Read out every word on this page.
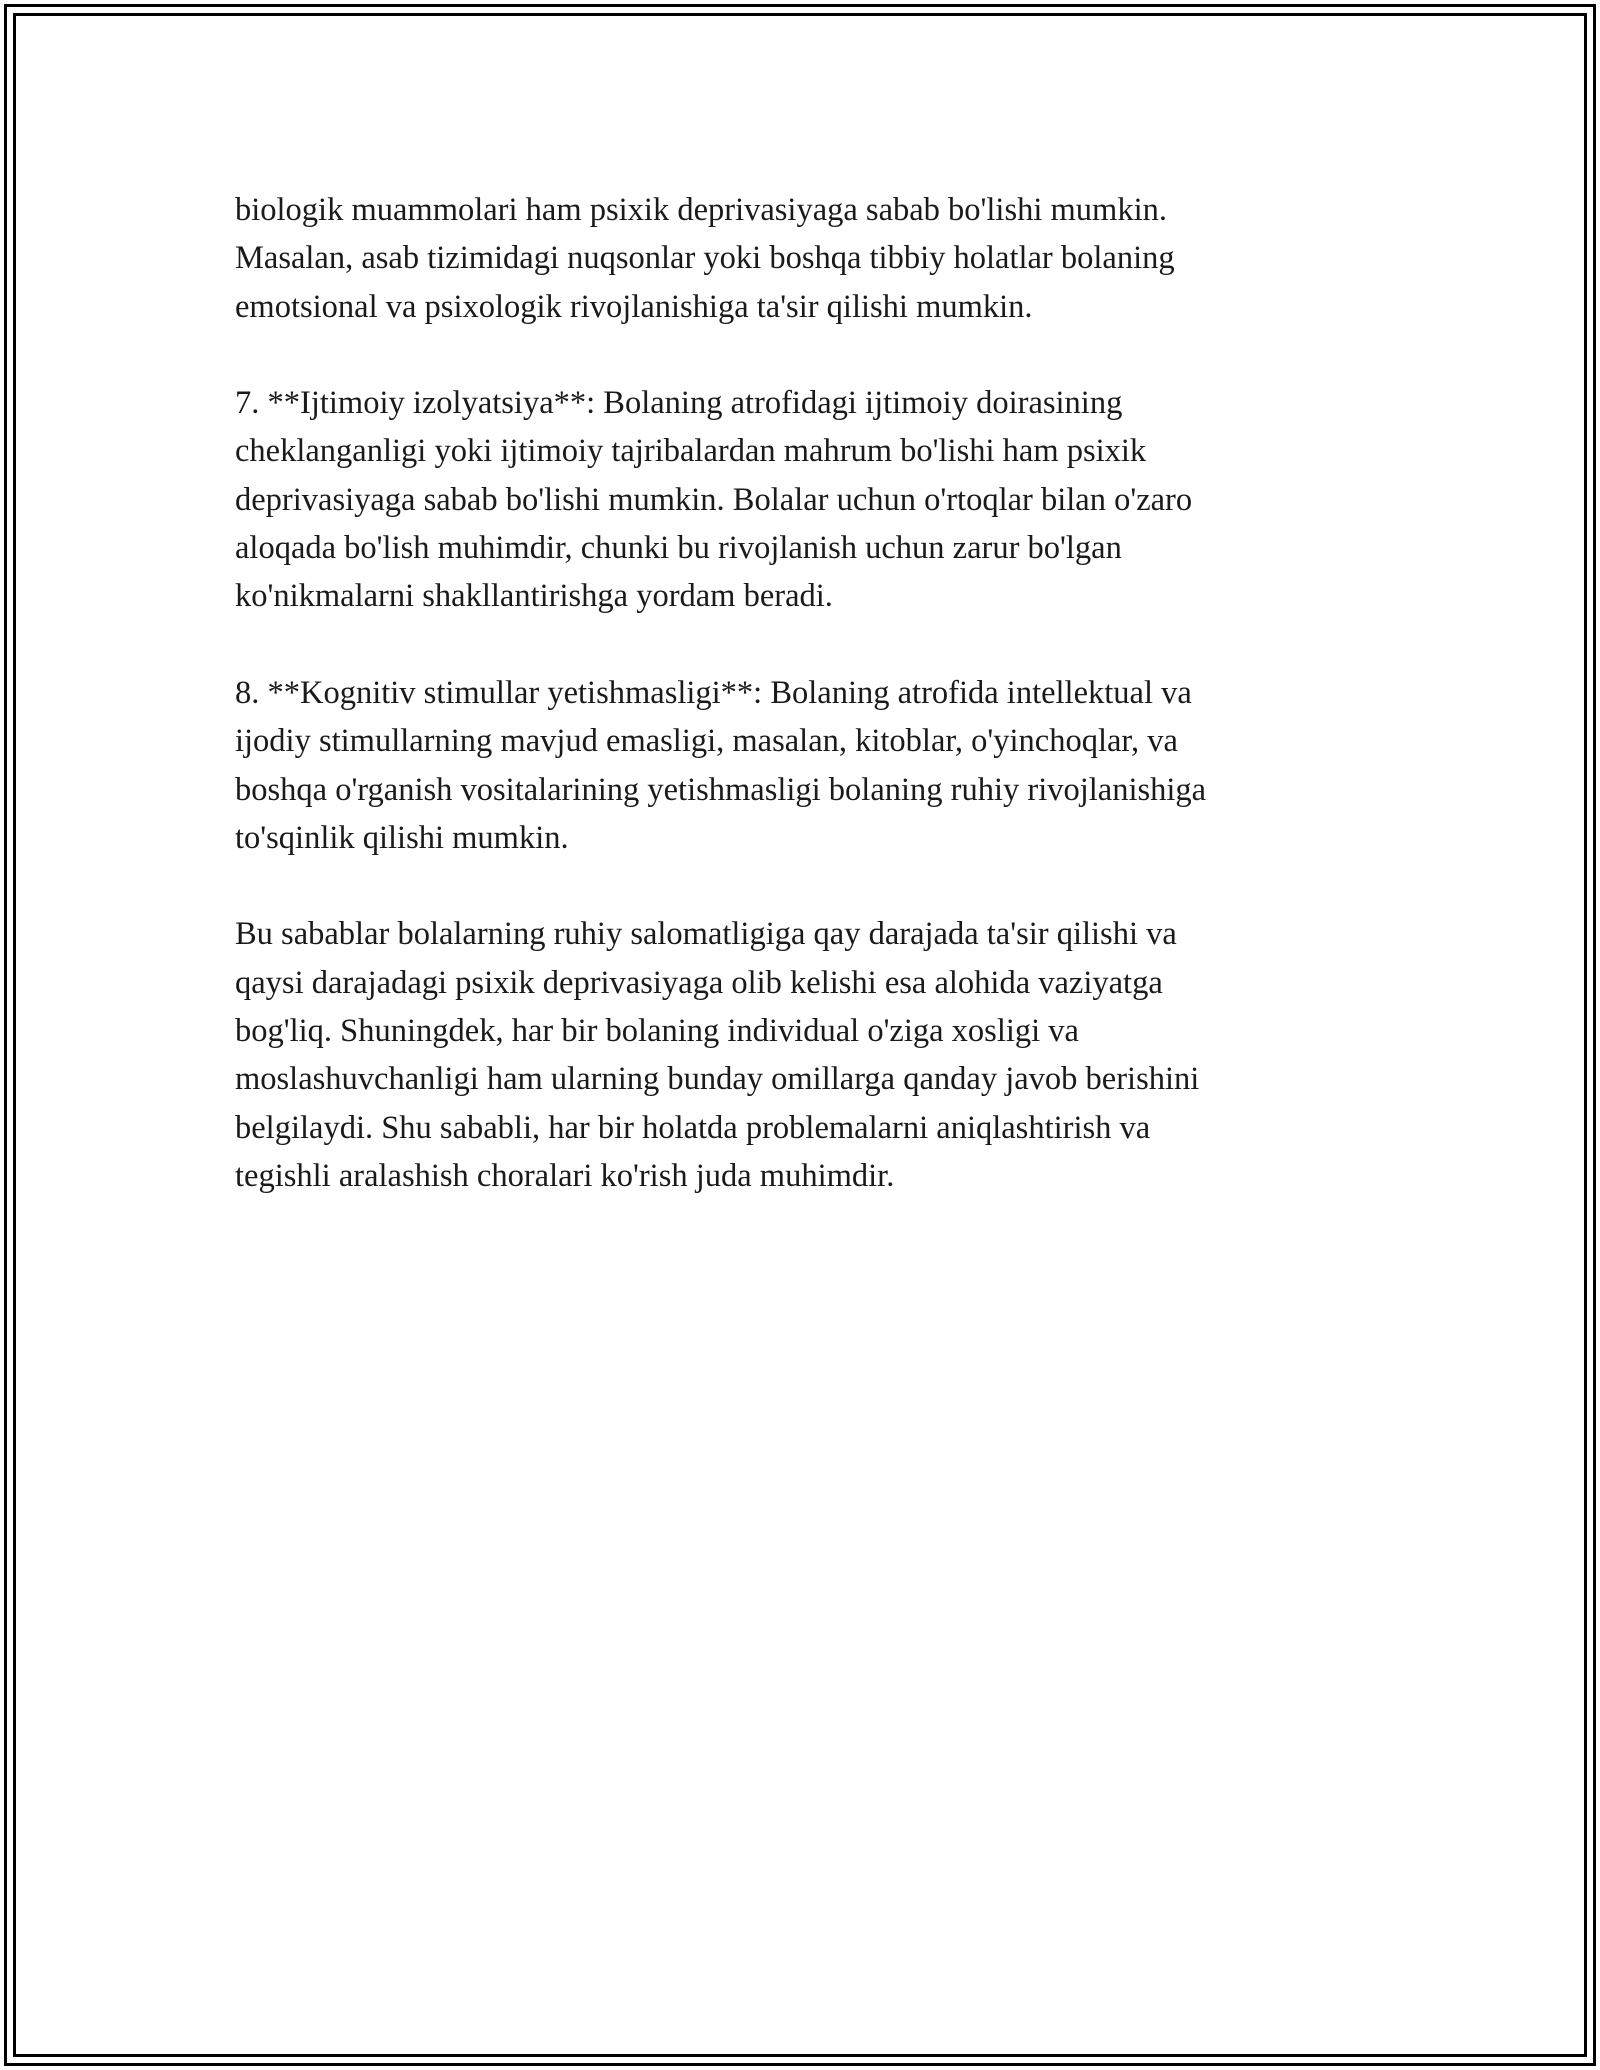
biologik muammolari ham psixik deprivasiyaga sabab bo'lishi mumkin.
Masalan, asab tizimidagi nuqsonlar yoki boshqa tibbiy holatlar bolaning
emotsional va psixologik rivojlanishiga ta'sir qilishi mumkin.

7. **Ijtimoiy izolyatsiya**: Bolaning atrofidagi ijtimoiy doirasining
cheklanganligi yoki ijtimoiy tajribalardan mahrum bo'lishi ham psixik
deprivasiyaga sabab bo'lishi mumkin. Bolalar uchun o'rtoqlar bilan o'zaro
aloqada bo'lish muhimdir, chunki bu rivojlanish uchun zarur bo'lgan
ko'nikmalarni shakllantirishga yordam beradi.

8. **Kognitiv stimullar yetishmasligi**: Bolaning atrofida intellektual va
ijodiy stimullarning mavjud emasligi, masalan, kitoblar, o'yinchoqlar, va
boshqa o'rganish vositalarining yetishmasligi bolaning ruhiy rivojlanishiga
to'sqinlik qilishi mumkin.

Bu sabablar bolalarning ruhiy salomatligiga qay darajada ta'sir qilishi va
qaysi darajadagi psixik deprivasiyaga olib kelishi esa alohida vaziyatga
bog'liq. Shuningdek, har bir bolaning individual o'ziga xosligi va
moslashuvchanligi ham ularning bunday omillarga qanday javob berishini
belgilaydi. Shu sababli, har bir holatda problemalarni aniqlashtirish va
tegishli aralashish choralari ko'rish juda muhimdir.
